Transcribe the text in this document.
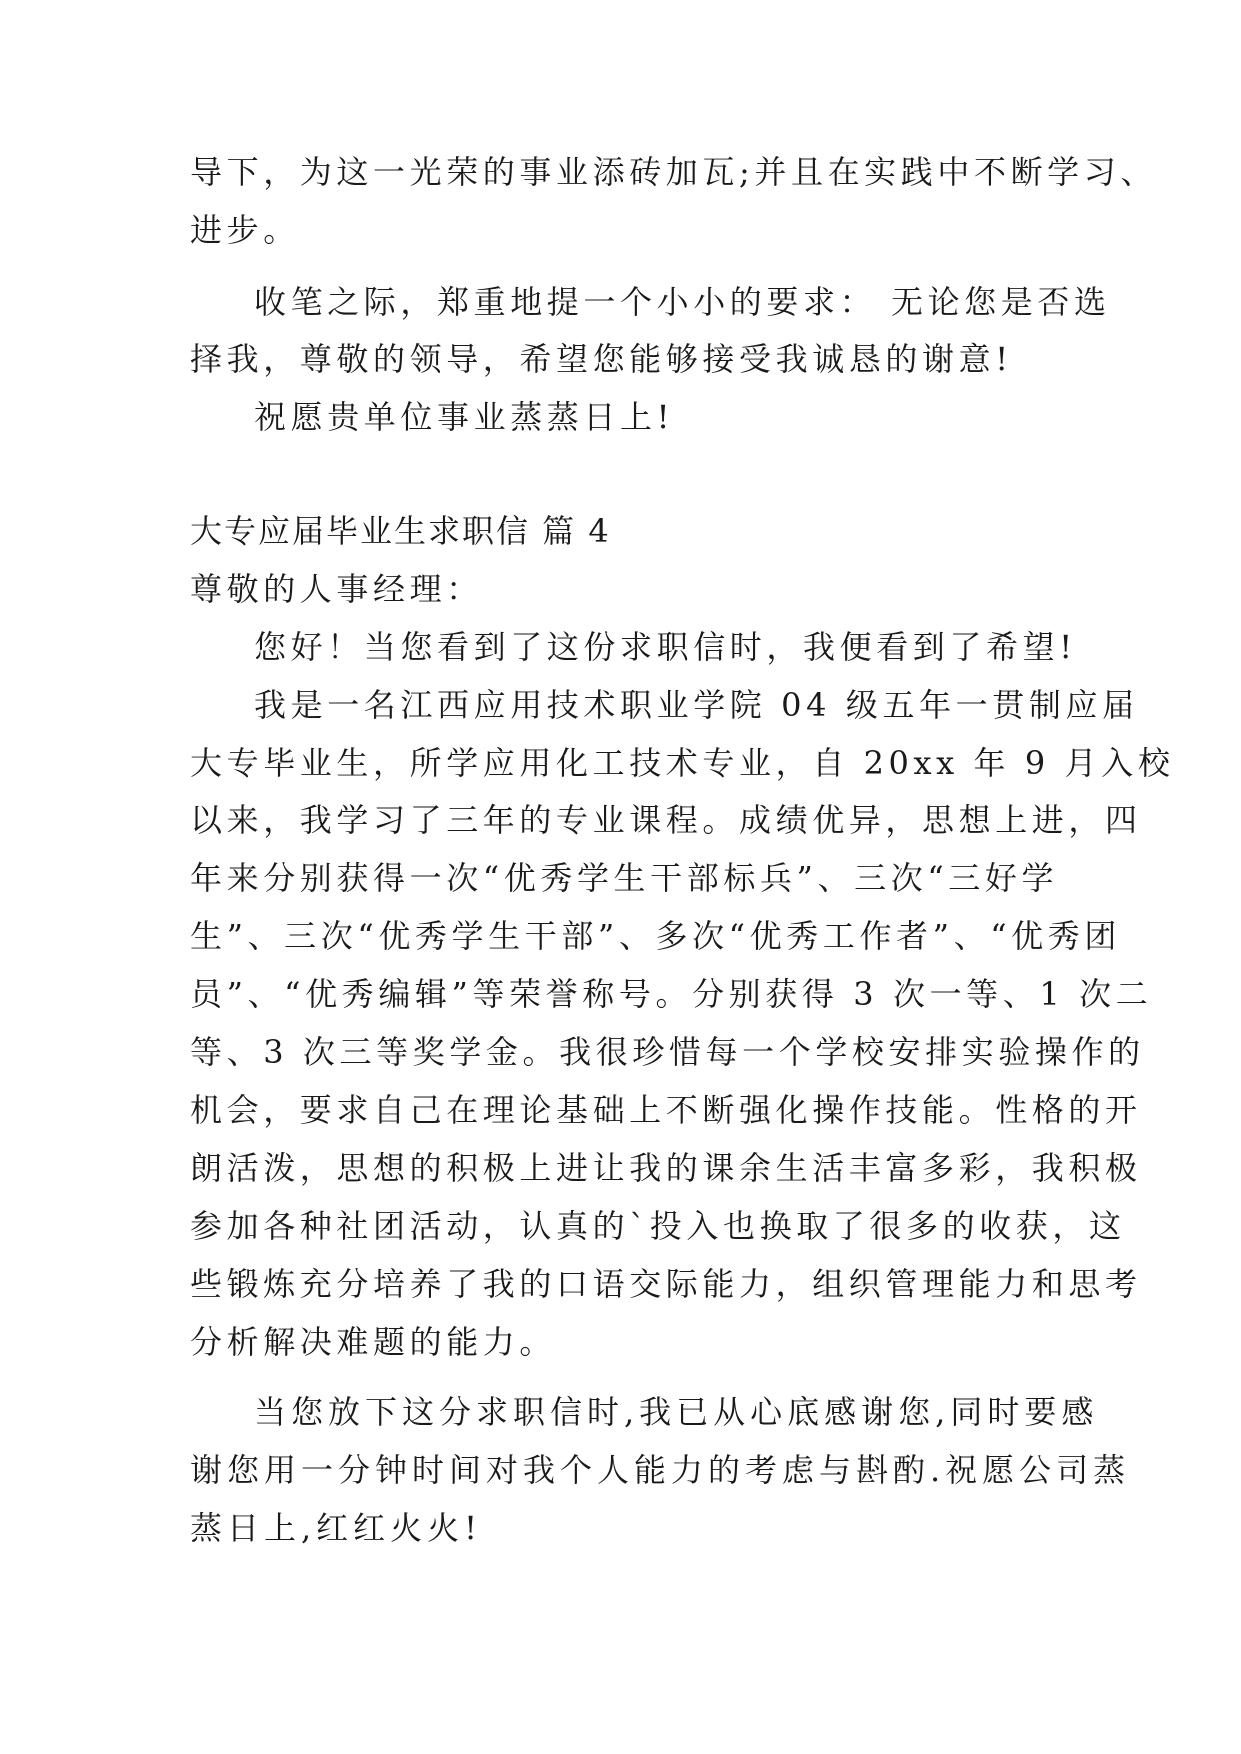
导下，为这一光荣的事业添砖加瓦;并且在实践中不断学习、
进步。
收笔之际，郑重地提一个小小的要求： 无论您是否选
择我，尊敬的领导，希望您能够接受我诚恳的谢意!
祝愿贵单位事业蒸蒸日上!
大专应届毕业生求职信 篇 4
尊敬的人事经理：
您好！当您看到了这份求职信时，我便看到了希望!
我是一名江西应用技术职业学院 04 级五年一贯制应届
大专毕业生，所学应用化工技术专业，自 20xx 年 9 月入校
以来，我学习了三年的专业课程。成绩优异，思想上进，四
年来分别获得一次“优秀学生干部标兵”、三次“三好学
生”、三次“优秀学生干部”、多次“优秀工作者”、“优秀团
员”、“优秀编辑”等荣誉称号。分别获得 3 次一等、1 次二
等、3 次三等奖学金。我很珍惜每一个学校安排实验操作的
机会，要求自己在理论基础上不断强化操作技能。性格的开
朗活泼，思想的积极上进让我的课余生活丰富多彩，我积极
参加各种社团活动，认真的`投入也换取了很多的收获，这
些锻炼充分培养了我的口语交际能力，组织管理能力和思考
分析解决难题的能力。
当您放下这分求职信时,我已从心底感谢您,同时要感
谢您用一分钟时间对我个人能力的考虑与斟酌.祝愿公司蒸
蒸日上,红红火火!
